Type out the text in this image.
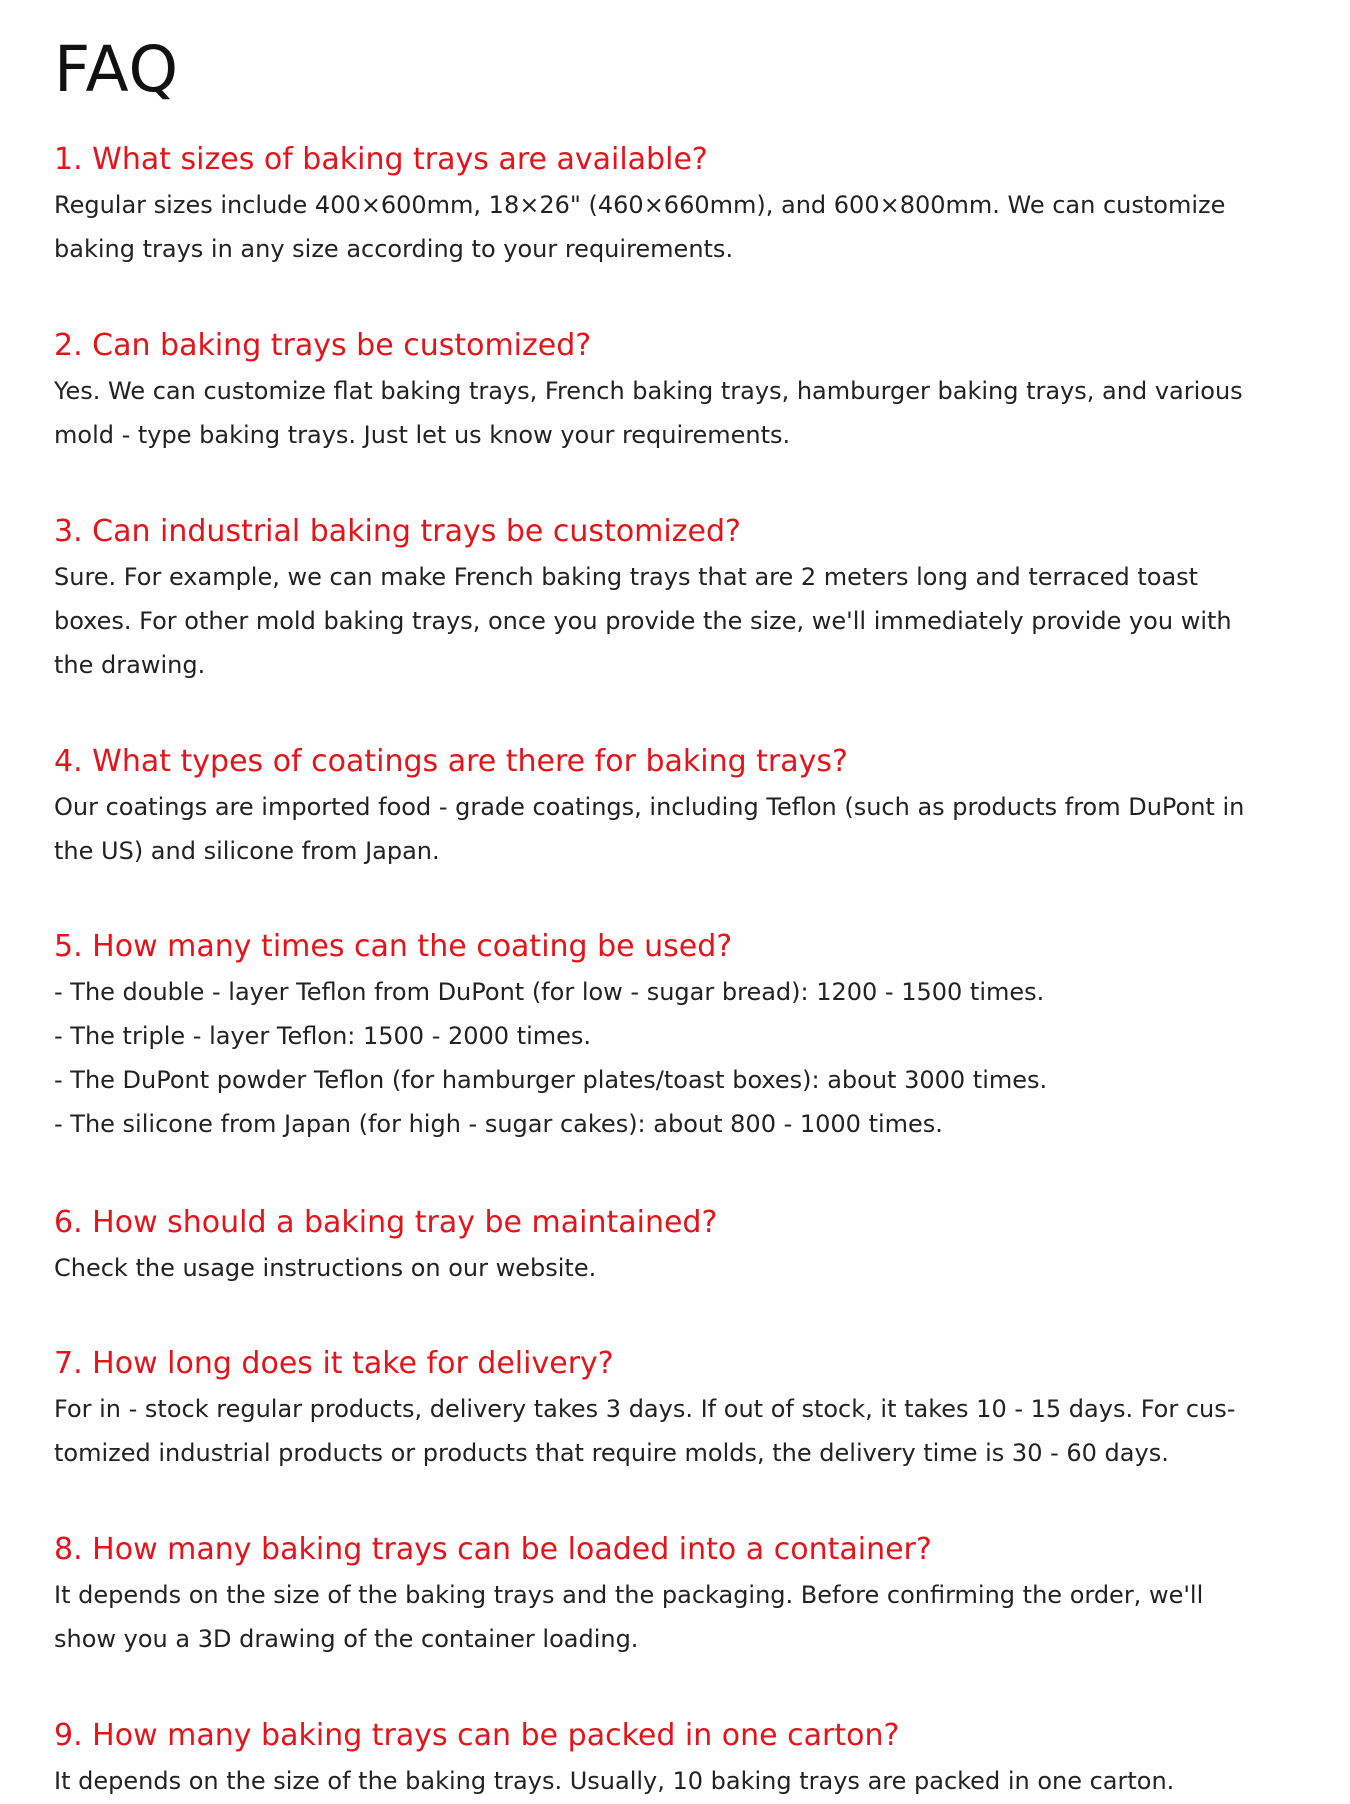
FAQ
1. What sizes of baking trays are available?

Regular sizes include 400×600mm, 18×26" (460×660mm), and 600×800mm. We can customize
baking trays in any size according to your requirements.

2. Can baking trays be customized?

Yes. We can customize flat baking trays, French baking trays, hamburger baking trays, and various
mold - type baking trays. Just let us know your requirements.

3. Can industrial baking trays be customized?

Sure. For example, we can make French baking trays that are 2 meters long and terraced toast
boxes. For other mold baking trays, once you provide the size, we'll immediately provide you with
the drawing.

4. What types of coatings are there for baking trays?

Our coatings are imported food - grade coatings, including Teflon (such as products from DuPont in
the US) and silicone from Japan.

5. How many times can the coating be used?
- The double - layer Teflon from DuPont (for low - sugar bread): 1200 - 1500 times.
- The triple - layer Teflon: 1500 - 2000 times.
- The DuPont powder Teflon (for hamburger plates/toast boxes): about 3000 times.
- The silicone from Japan (for high - sugar cakes): about 800 - 1000 times.
6. How should a baking tray be maintained?

Check the usage instructions on our website.

7. How long does it take for delivery?

For in - stock regular products, delivery takes 3 days. If out of stock, it takes 10 - 15 days. For cus-
tomized industrial products or products that require molds, the delivery time is 30 - 60 days.

8. How many baking trays can be loaded into a container?

It depends on the size of the baking trays and the packaging. Before confirming the order, we'll
show you a 3D drawing of the container loading.

9. How many baking trays can be packed in one carton?

It depends on the size of the baking trays. Usually, 10 baking trays are packed in one carton.
